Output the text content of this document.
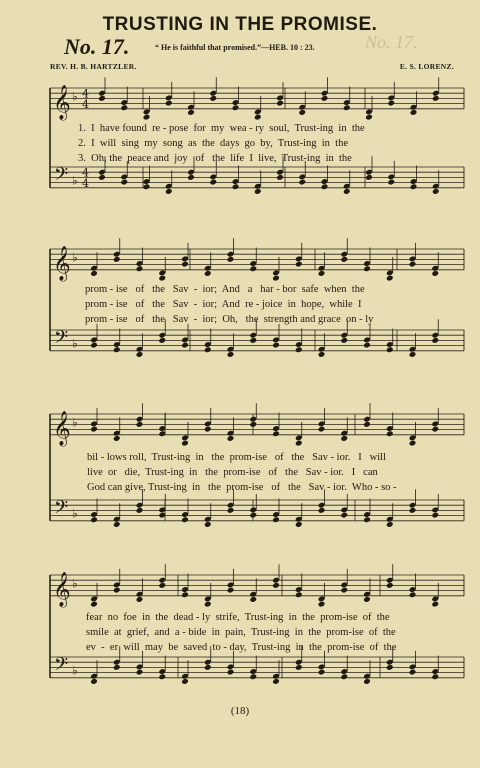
No. 17.
TRUSTING IN THE PROMISE.
No. 17.	“ He is faithful that promised.”—HEB. 10 : 23.
REV. H. B. HARTZLER.	E. S. LORENZ.
𝄞
𝄢
♭
♭
4
4
4
4
𝄞
𝄢
♭
♭
𝄞
𝄢
♭
♭
𝄞
𝄢
♭
♭
1.  I  have found  re - pose  for  my  wea - ry  soul,  Trust-ing  in  the
2.  I  will  sing  my  song  as  the  days  go  by,  Trust-ing  in  the
3.  Oh, the  peace and  joy   of   the  life  I  live,  Trust-ing  in  the
prom - ise   of   the   Sav  -  ior;  And   a   har - bor  safe  when  the
prom - ise   of   the   Sav  -  ior;  And  re - joice  in  hope,  while  I
prom - ise   of   the   Sav  -  ior;  Oh,   the  strength and grace  on - ly
bil - lows roll,  Trust-ing  in   the  prom-ise   of   the   Sav - ior.   I   will
live  or   die,  Trust-ing  in   the  prom-ise   of   the   Sav - ior.   I   can
God can give, Trust-ing  in   the  prom-ise   of   the   Sav - ior.  Who - so -
fear  no  foe  in  the  dead - ly  strife,  Trust-ing  in  the  prom-ise  of  the
smile  at  grief,  and  a - bide  in  pain,  Trust-ing  in  the  prom-ise  of  the
ev  -  er  will  may  be  saved  to - day,  Trust-ing  in  the  prom-ise  of  the
(18)
